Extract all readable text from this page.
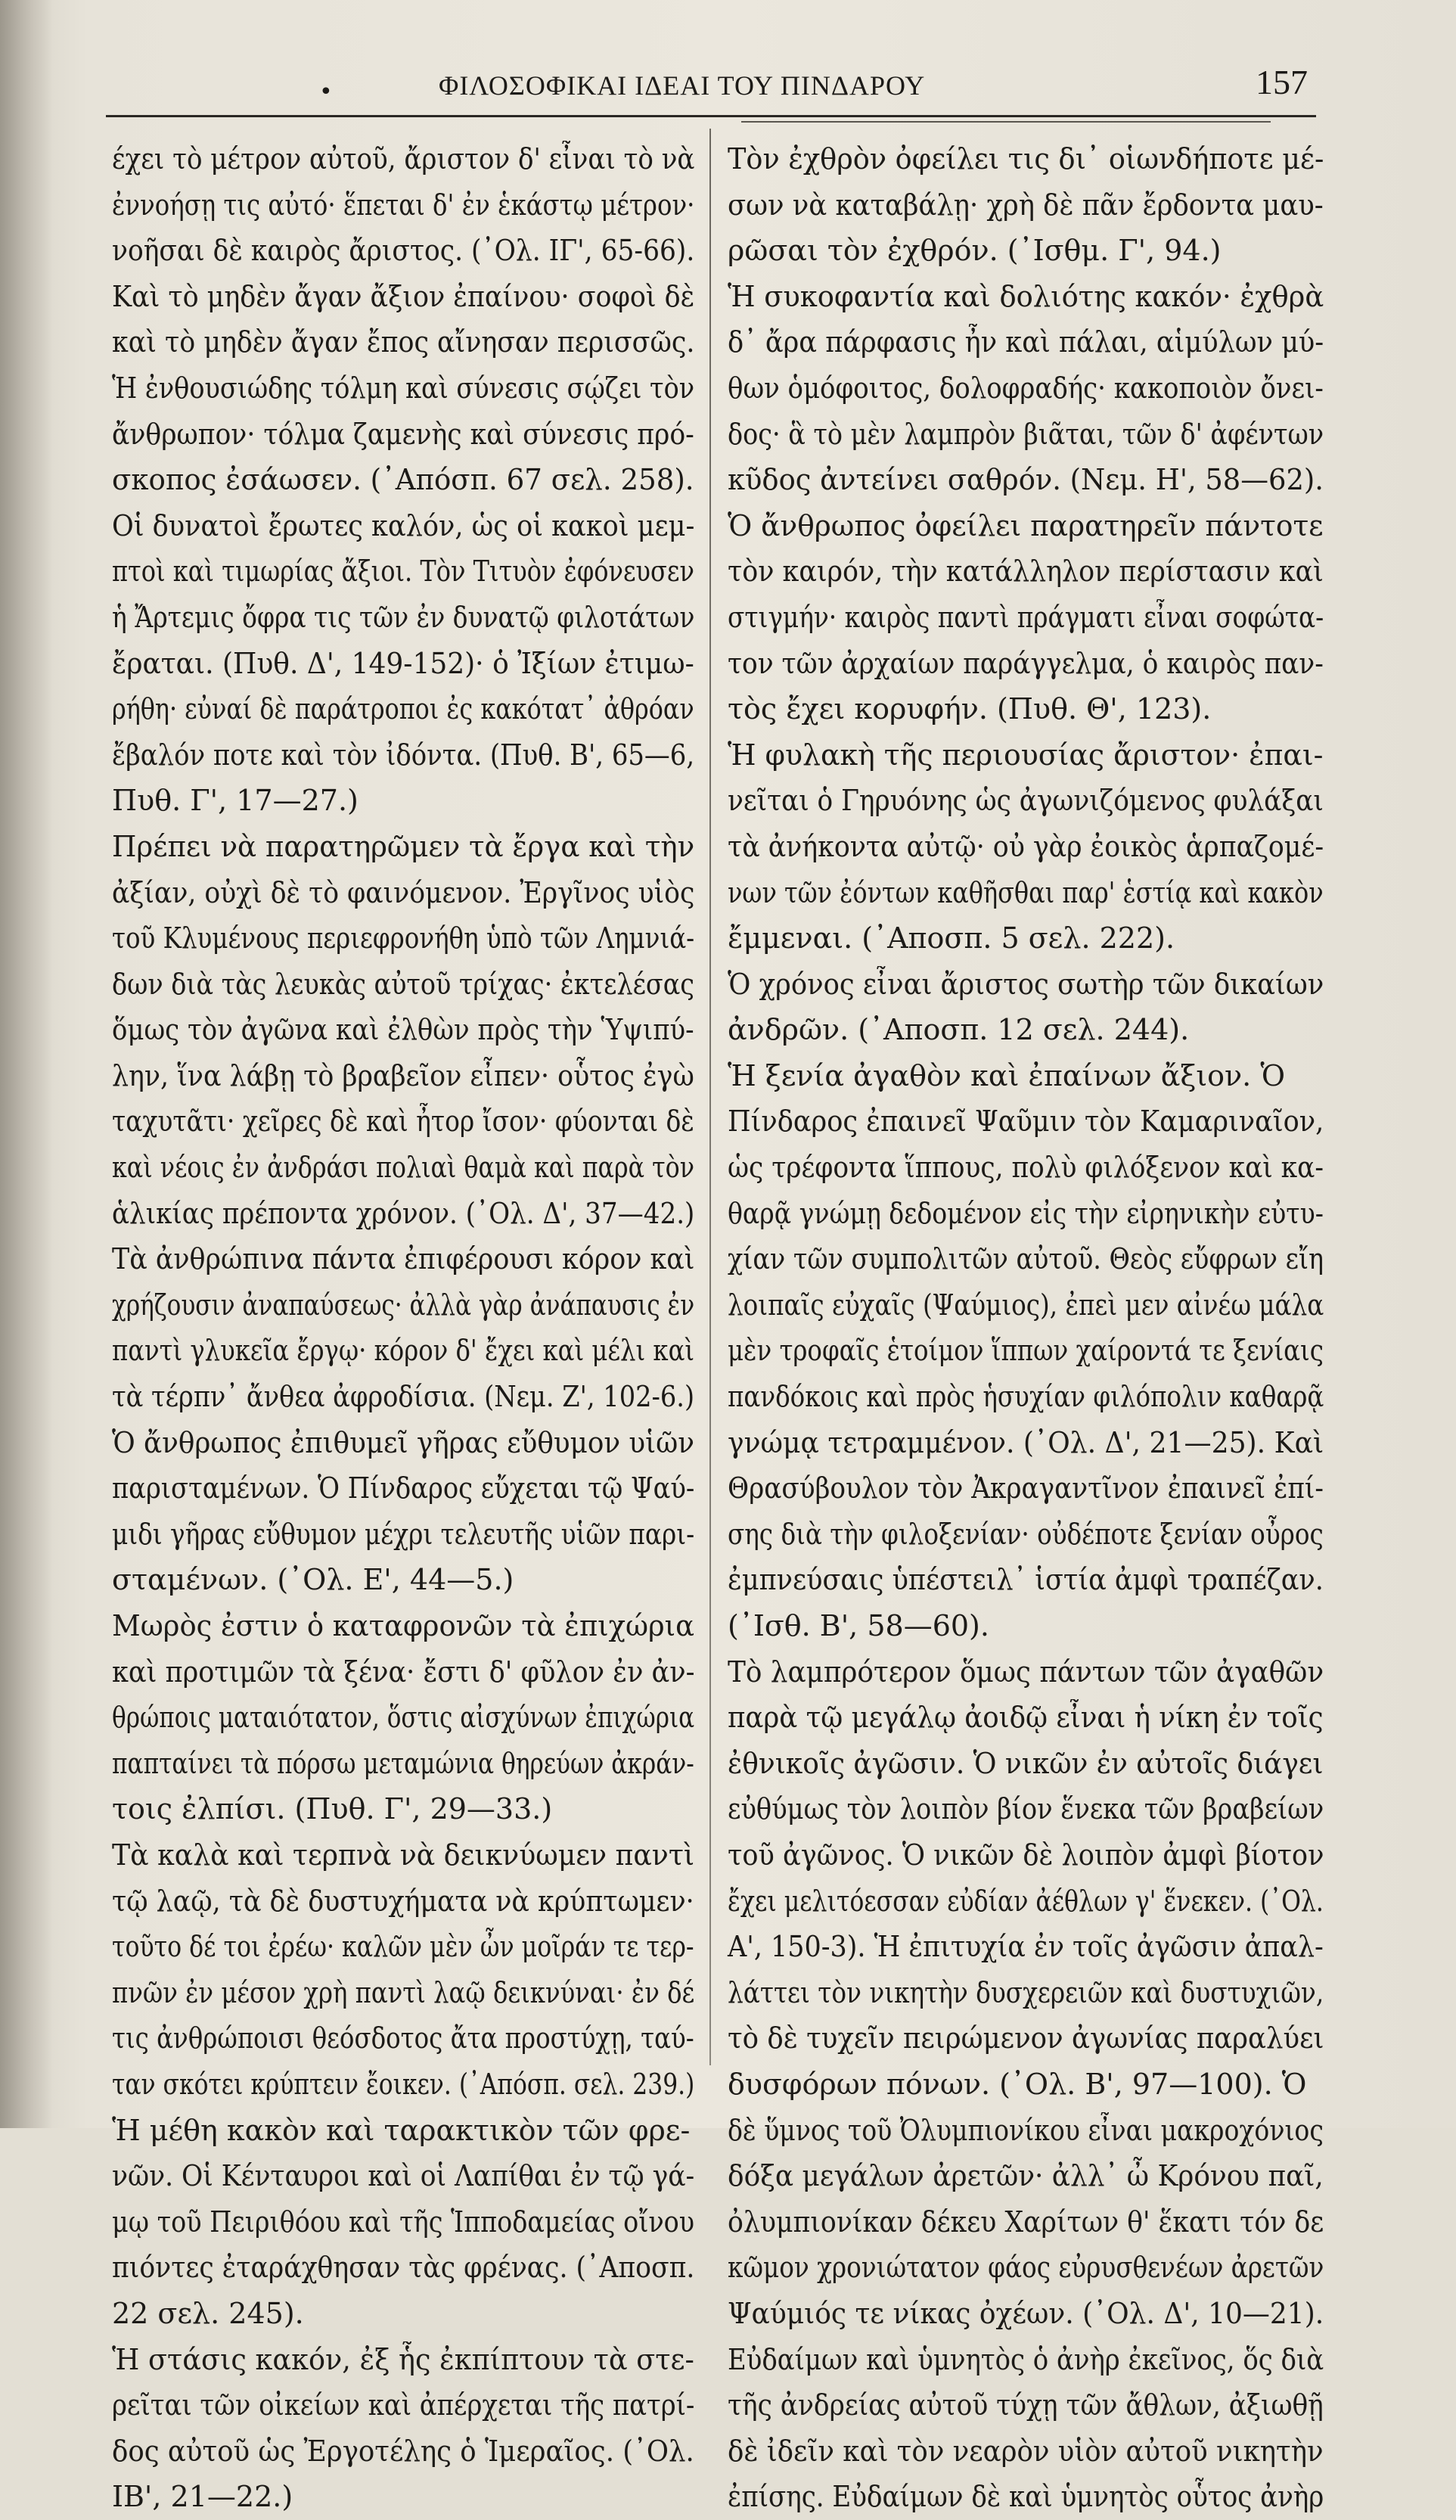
•	ΦΙΛΟΣΟΦΙΚΑΙ ΙΔΕΑΙ ΤΟΥ ΠΙΝΔΑΡΟΥ	157
έχει τὸ μέτρον αὐτοῦ, ἄριστον δ' εἶναι τὸ νὰ
ἐννοήσῃ τις αὐτό· ἕπεται δ' ἐν ἑκάστῳ μέτρον·
νοῆσαι δὲ καιρὸς ἄριστος. (᾿Ολ. ΙΓ', 65-66).
Καὶ τὸ μηδὲν ἄγαν ἄξιον ἐπαίνου· σοφοὶ δὲ
καὶ τὸ μηδὲν ἄγαν ἔπος αἴνησαν περισσῶς.
Ἡ ἐνθουσιώδης τόλμη καὶ σύνεσις σῴζει τὸν
ἄνθρωπον· τόλμα ζαμενὴς καὶ σύνεσις πρό-
σκοπος ἐσάωσεν. (᾿Απόσπ. 67 σελ. 258).
Οἱ δυνατοὶ ἔρωτες καλόν, ὡς οἱ κακοὶ μεμ-
πτοὶ καὶ τιμωρίας ἄξιοι. Τὸν Τιτυὸν ἐφόνευσεν
ἡ Ἄρτεμις ὄφρα τις τῶν ἐν δυνατῷ φιλοτάτων
ἔραται. (Πυθ. Δ', 149-152)· ὁ Ἰξίων ἐτιμω-
ρήθη· εὐναί δὲ παράτροποι ἐς κακότατ᾽ ἀθρόαν
ἔβαλόν ποτε καὶ τὸν ἰδόντα. (Πυθ. Β', 65—6,
Πυθ. Γ', 17—27.)
Πρέπει νὰ παρατηρῶμεν τὰ ἔργα καὶ τὴν
ἀξίαν, οὐχὶ δὲ τὸ φαινόμενον. Ἐργῖνος υἱὸς
τοῦ Κλυμένους περιεφρονήθη ὑπὸ τῶν Λημνιά-
δων διὰ τὰς λευκὰς αὐτοῦ τρίχας· ἐκτελέσας
ὅμως τὸν ἀγῶνα καὶ ἐλθὼν πρὸς τὴν Ὑψιπύ-
λην, ἵνα λάβῃ τὸ βραβεῖον εἶπεν· οὗτος ἐγὼ
ταχυτᾶτι· χεῖρες δὲ καὶ ἦτορ ἴσον· φύονται δὲ
καὶ νέοις ἐν ἀνδράσι πολιαὶ θαμὰ καὶ παρὰ τὸν
ἁλικίας πρέποντα χρόνον. (᾿Ολ. Δ', 37—42.)
Τὰ ἀνθρώπινα πάντα ἐπιφέρουσι κόρον καὶ
χρήζουσιν ἀναπαύσεως· ἀλλὰ γὰρ ἀνάπαυσις ἐν
παντὶ γλυκεῖα ἔργῳ· κόρον δ' ἔχει καὶ μέλι καὶ
τὰ τέρπν᾽ ἄνθεα ἀφροδίσια. (Νεμ. Ζ', 102-6.)
Ὁ ἄνθρωπος ἐπιθυμεῖ γῆρας εὔθυμον υἱῶν
παρισταμένων. Ὁ Πίνδαρος εὔχεται τῷ Ψαύ-
μιδι γῆρας εὔθυμον μέχρι τελευτῆς υἱῶν παρι-
σταμένων. (᾿Ολ. Ε', 44—5.)
Μωρὸς ἐστιν ὁ καταφρονῶν τὰ ἐπιχώρια
καὶ προτιμῶν τὰ ξένα· ἔστι δ' φῦλον ἐν ἀν-
θρώποις ματαιότατον, ὅστις αἰσχύνων ἐπιχώρια
παπταίνει τὰ πόρσω μεταμώνια θηρεύων ἀκράν-
τοις ἐλπίσι. (Πυθ. Γ', 29—33.)
Τὰ καλὰ καὶ τερπνὰ νὰ δεικνύωμεν παντὶ
τῷ λαῷ, τὰ δὲ δυστυχήματα νὰ κρύπτωμεν·
τοῦτο δέ τοι ἐρέω· καλῶν μὲν ὦν μοῖράν τε τερ-
πνῶν ἐν μέσον χρὴ παντὶ λαῷ δεικνύναι· ἐν δέ
τις ἀνθρώποισι θεόσδοτος ἄτα προστύχῃ, ταύ-
ταν σκότει κρύπτειν ἔοικεν. (᾿Απόσπ. σελ. 239.)
Ἡ μέθη κακὸν καὶ ταρακτικὸν τῶν φρε-
νῶν. Οἱ Κένταυροι καὶ οἱ Λαπίθαι ἐν τῷ γά-
μῳ τοῦ Πειριθόου καὶ τῆς Ἱπποδαμείας οἴνου
πιόντες ἐταράχθησαν τὰς φρένας. (᾿Αποσπ.
22 σελ. 245).
Ἡ στάσις κακόν, ἐξ ἧς ἐκπίπτουν τὰ στε-
ρεῖται τῶν οἰκείων καὶ ἀπέρχεται τῆς πατρί-
δος αὐτοῦ ὡς Ἐργοτέλης ὁ Ἱμεραῖος. (᾿Ολ.
ΙΒ', 21—22.)
Τὸν ἐχθρὸν ὀφείλει τις δι᾽ οἱωνδήποτε μέ-
σων νὰ καταβάλῃ· χρὴ δὲ πᾶν ἔρδοντα μαυ-
ρῶσαι τὸν ἐχθρόν. (᾿Ισθμ. Γ', 94.)
Ἡ συκοφαντία καὶ δολιότης κακόν· ἐχθρὰ
δ᾽ ἄρα πάρφασις ἦν καὶ πάλαι, αἱμύλων μύ-
θων ὁμόφοιτος, δολοφραδής· κακοποιὸν ὄνει-
δος· ἃ τὸ μὲν λαμπρὸν βιᾶται, τῶν δ' ἀφέντων
κῦδος ἀντείνει σαθρόν. (Νεμ. Η', 58—62).
Ὁ ἄνθρωπος ὀφείλει παρατηρεῖν πάντοτε
τὸν καιρόν, τὴν κατάλληλον περίστασιν καὶ
στιγμήν· καιρὸς παντὶ πράγματι εἶναι σοφώτα-
τον τῶν ἀρχαίων παράγγελμα, ὁ καιρὸς παν-
τὸς ἔχει κορυφήν. (Πυθ. Θ', 123).
Ἡ φυλακὴ τῆς περιουσίας ἄριστον· ἐπαι-
νεῖται ὁ Γηρυόνης ὡς ἀγωνιζόμενος φυλάξαι
τὰ ἀνήκοντα αὐτῷ· οὐ γὰρ ἐοικὸς ἁρπαζομέ-
νων τῶν ἐόντων καθῆσθαι παρ' ἑστίᾳ καὶ κακὸν
ἔμμεναι. (᾿Αποσπ. 5 σελ. 222).
Ὁ χρόνος εἶναι ἄριστος σωτὴρ τῶν δικαίων
ἀνδρῶν. (᾿Αποσπ. 12 σελ. 244).
Ἡ ξενία ἀγαθὸν καὶ ἐπαίνων ἄξιον. Ὁ
Πίνδαρος ἐπαινεῖ Ψαῦμιν τὸν Καμαριναῖον,
ὡς τρέφοντα ἵππους, πολὺ φιλόξενον καὶ κα-
θαρᾷ γνώμῃ δεδομένον εἰς τὴν εἰρηνικὴν εὐτυ-
χίαν τῶν συμπολιτῶν αὐτοῦ. Θεὸς εὔφρων εἴη
λοιπαῖς εὐχαῖς (Ψαύμιος), ἐπεὶ μεν αἰνέω μάλα
μὲν τροφαῖς ἑτοίμον ἵππων χαίροντά τε ξενίαις
πανδόκοις καὶ πρὸς ἡσυχίαν φιλόπολιν καθαρᾷ
γνώμᾳ τετραμμένον. (᾿Ολ. Δ', 21—25). Καὶ
Θρασύβουλον τὸν Ἀκραγαντῖνον ἐπαινεῖ ἐπί-
σης διὰ τὴν φιλοξενίαν· οὐδέποτε ξενίαν οὖρος
ἐμπνεύσαις ὑπέστειλ᾽ ἱστία ἀμφὶ τραπέζαν.
(᾿Ισθ. Β', 58—60).
Τὸ λαμπρότερον ὅμως πάντων τῶν ἀγαθῶν
παρὰ τῷ μεγάλῳ ἀοιδῷ εἶναι ἡ νίκη ἐν τοῖς
ἐθνικοῖς ἀγῶσιν. Ὁ νικῶν ἐν αὐτοῖς διάγει
εὐθύμως τὸν λοιπὸν βίον ἕνεκα τῶν βραβείων
τοῦ ἀγῶνος. Ὁ νικῶν δὲ λοιπὸν ἀμφὶ βίοτον
ἔχει μελιτόεσσαν εὐδίαν ἀέθλων γ' ἕνεκεν. (᾿Ολ.
Α', 150-3). Ἡ ἐπιτυχία ἐν τοῖς ἀγῶσιν ἀπαλ-
λάττει τὸν νικητὴν δυσχερειῶν καὶ δυστυχιῶν,
τὸ δὲ τυχεῖν πειρώμενον ἀγωνίας παραλύει
δυσφόρων πόνων. (᾿Ολ. Β', 97—100). Ὁ
δὲ ὕμνος τοῦ Ὀλυμπιονίκου εἶναι μακροχόνιος
δόξα μεγάλων ἀρετῶν· ἀλλ᾽ ὦ Κρόνου παῖ,
ὀλυμπιονίκαν δέκευ Χαρίτων θ' ἕκατι τόν δε
κῶμον χρονιώτατον φάος εὐρυσθενέων ἀρετῶν
Ψαύμιός τε νίκας ὀχέων. (᾿Ολ. Δ', 10—21).
Εὐδαίμων καὶ ὑμνητὸς ὁ ἀνὴρ ἐκεῖνος, ὅς διὰ
τῆς ἀνδρείας αὐτοῦ τύχῃ τῶν ἄθλων, ἀξιωθῇ
δὲ ἰδεῖν καὶ τὸν νεαρὸν υἱὸν αὐτοῦ νικητὴν
ἐπίσης. Εὐδαίμων δὲ καὶ ὑμνητὸς οὗτος ἀνὴρ
